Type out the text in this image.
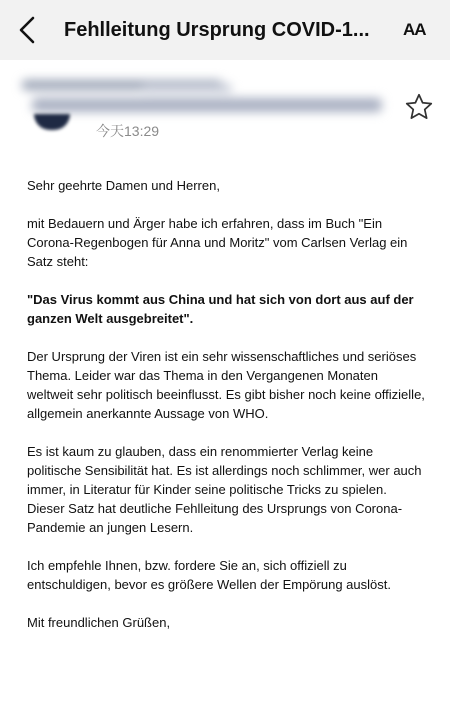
Fehlleitung Ursprung COVID-1...	AA
今天13:29

Sehr geehrte Damen und Herren,

mit Bedauern und Ärger habe ich erfahren, dass im Buch "Ein Corona-Regenbogen für Anna und Moritz" vom Carlsen Verlag ein Satz steht:

"Das Virus kommt aus China und hat sich von dort aus auf der ganzen Welt ausgebreitet".

Der Ursprung der Viren ist ein sehr wissenschaftliches und seriöses Thema. Leider war das Thema in den Vergangenen Monaten weltweit sehr politisch beeinflusst. Es gibt bisher noch keine offizielle, allgemein anerkannte Aussage von WHO.

Es ist kaum zu glauben, dass ein renommierter Verlag keine politische Sensibilität hat. Es ist allerdings noch schlimmer, wer auch immer, in Literatur für Kinder seine politische Tricks zu spielen. Dieser Satz hat deutliche Fehlleitung des Ursprungs von Corona-Pandemie an jungen Lesern.

Ich empfehle Ihnen, bzw. fordere Sie an, sich offiziell zu entschuldigen, bevor es größere Wellen der Empörung auslöst.

Mit freundlichen Grüßen,
